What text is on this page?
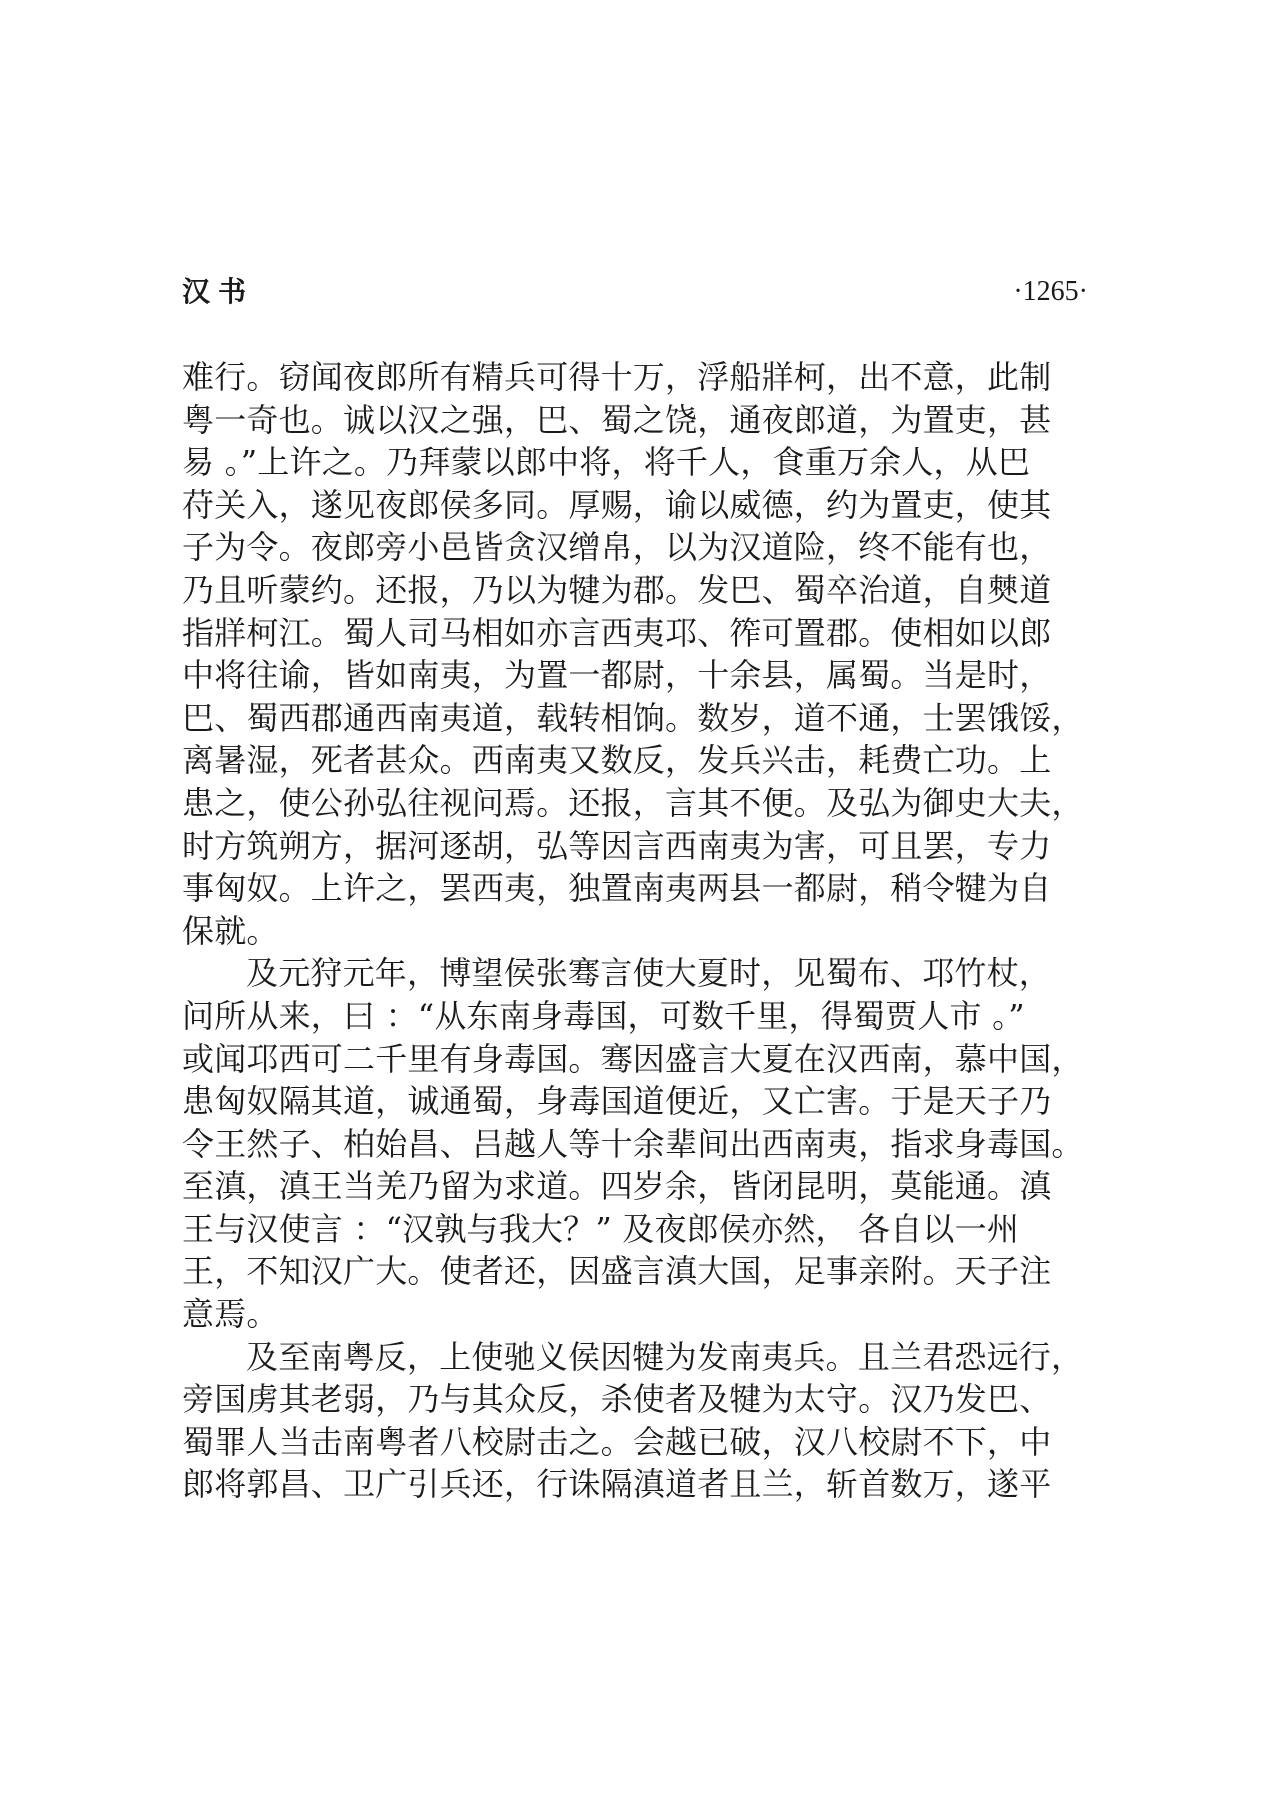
汉书	·1265·
难行。窃闻夜郎所有精兵可得十万，浮船牂柯，出不意，此制
粤一奇也。诚以汉之强，巴、蜀之饶，通夜郎道，为置吏，甚
易 。”上许之。乃拜蒙以郎中将，将千人，食重万余人，从巴
苻关入，遂见夜郎侯多同。厚赐，谕以威德，约为置吏，使其
子为令。夜郎旁小邑皆贪汉缯帛，以为汉道险，终不能有也，
乃且听蒙约。还报，乃以为犍为郡。发巴、蜀卒治道，自僰道
指牂柯江。蜀人司马相如亦言西夷邛、筰可置郡。使相如以郎
中将往谕，皆如南夷，为置一都尉，十余县，属蜀。当是时，
巴、蜀西郡通西南夷道，载转相饷。数岁，道不通，士罢饿馁，
离暑湿，死者甚众。西南夷又数反，发兵兴击，耗费亡功。上
患之，使公孙弘往视问焉。还报，言其不便。及弘为御史大夫，
时方筑朔方，据河逐胡，弘等因言西南夷为害，可且罢，专力
事匈奴。上许之，罢西夷，独置南夷两县一都尉，稍令犍为自
保就。
及元狩元年，博望侯张骞言使大夏时，见蜀布、邛竹杖，
问所从来，曰 ：“从东南身毒国，可数千里，得蜀贾人市 。”
或闻邛西可二千里有身毒国。骞因盛言大夏在汉西南，慕中国，
患匈奴隔其道，诚通蜀，身毒国道便近，又亡害。于是天子乃
令王然子、柏始昌、吕越人等十余辈间出西南夷，指求身毒国。
至滇，滇王当羌乃留为求道。四岁余，皆闭昆明，莫能通。滇
王与汉使言 ：“汉孰与我大？” 及夜郎侯亦然， 各自以一州
王，不知汉广大。使者还，因盛言滇大国，足事亲附。天子注
意焉。
及至南粤反，上使驰义侯因犍为发南夷兵。且兰君恐远行，
旁国虏其老弱，乃与其众反，杀使者及犍为太守。汉乃发巴、
蜀罪人当击南粤者八校尉击之。会越已破，汉八校尉不下，中
郎将郭昌、卫广引兵还，行诛隔滇道者且兰，斩首数万，遂平
